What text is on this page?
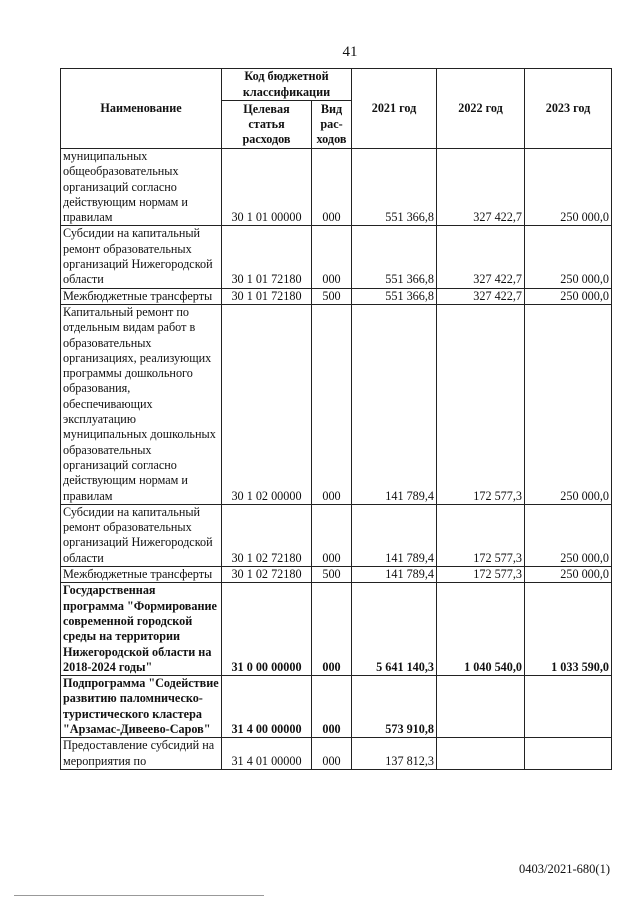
41
Наименование	Код бюджетной классификации		2021 год	2022 год	2023 год
	Целевая статья расходов	Вид рас-ходов			
муниципальных общеобразовательных организаций согласно действующим нормам и правилам	30 1 01 00000	000	551 366,8	327 422,7	250 000,0
Субсидии на капитальный ремонт образовательных организаций Нижегородской области	30 1 01 72180	000	551 366,8	327 422,7	250 000,0
Межбюджетные трансферты	30 1 01 72180	500	551 366,8	327 422,7	250 000,0
Капитальный ремонт по отдельным видам работ в образовательных организациях, реализующих программы дошкольного образования, обеспечивающих эксплуатацию муниципальных дошкольных образовательных организаций согласно действующим нормам и правилам	30 1 02 00000	000	141 789,4	172 577,3	250 000,0
Субсидии на капитальный ремонт образовательных организаций Нижегородской области	30 1 02 72180	000	141 789,4	172 577,3	250 000,0
Межбюджетные трансферты	30 1 02 72180	500	141 789,4	172 577,3	250 000,0
Государственная программа "Формирование современной городской среды на территории Нижегородской области на 2018-2024 годы"	31 0 00 00000	000	5 641 140,3	1 040 540,0	1 033 590,0
Подпрограмма "Содействие развитию паломническо-туристического кластера "Арзамас-Дивеево-Саров"	31 4 00 00000	000	573 910,8		
Предоставление субсидий на мероприятия по	31 4 01 00000	000	137 812,3		
0403/2021-680(1)
